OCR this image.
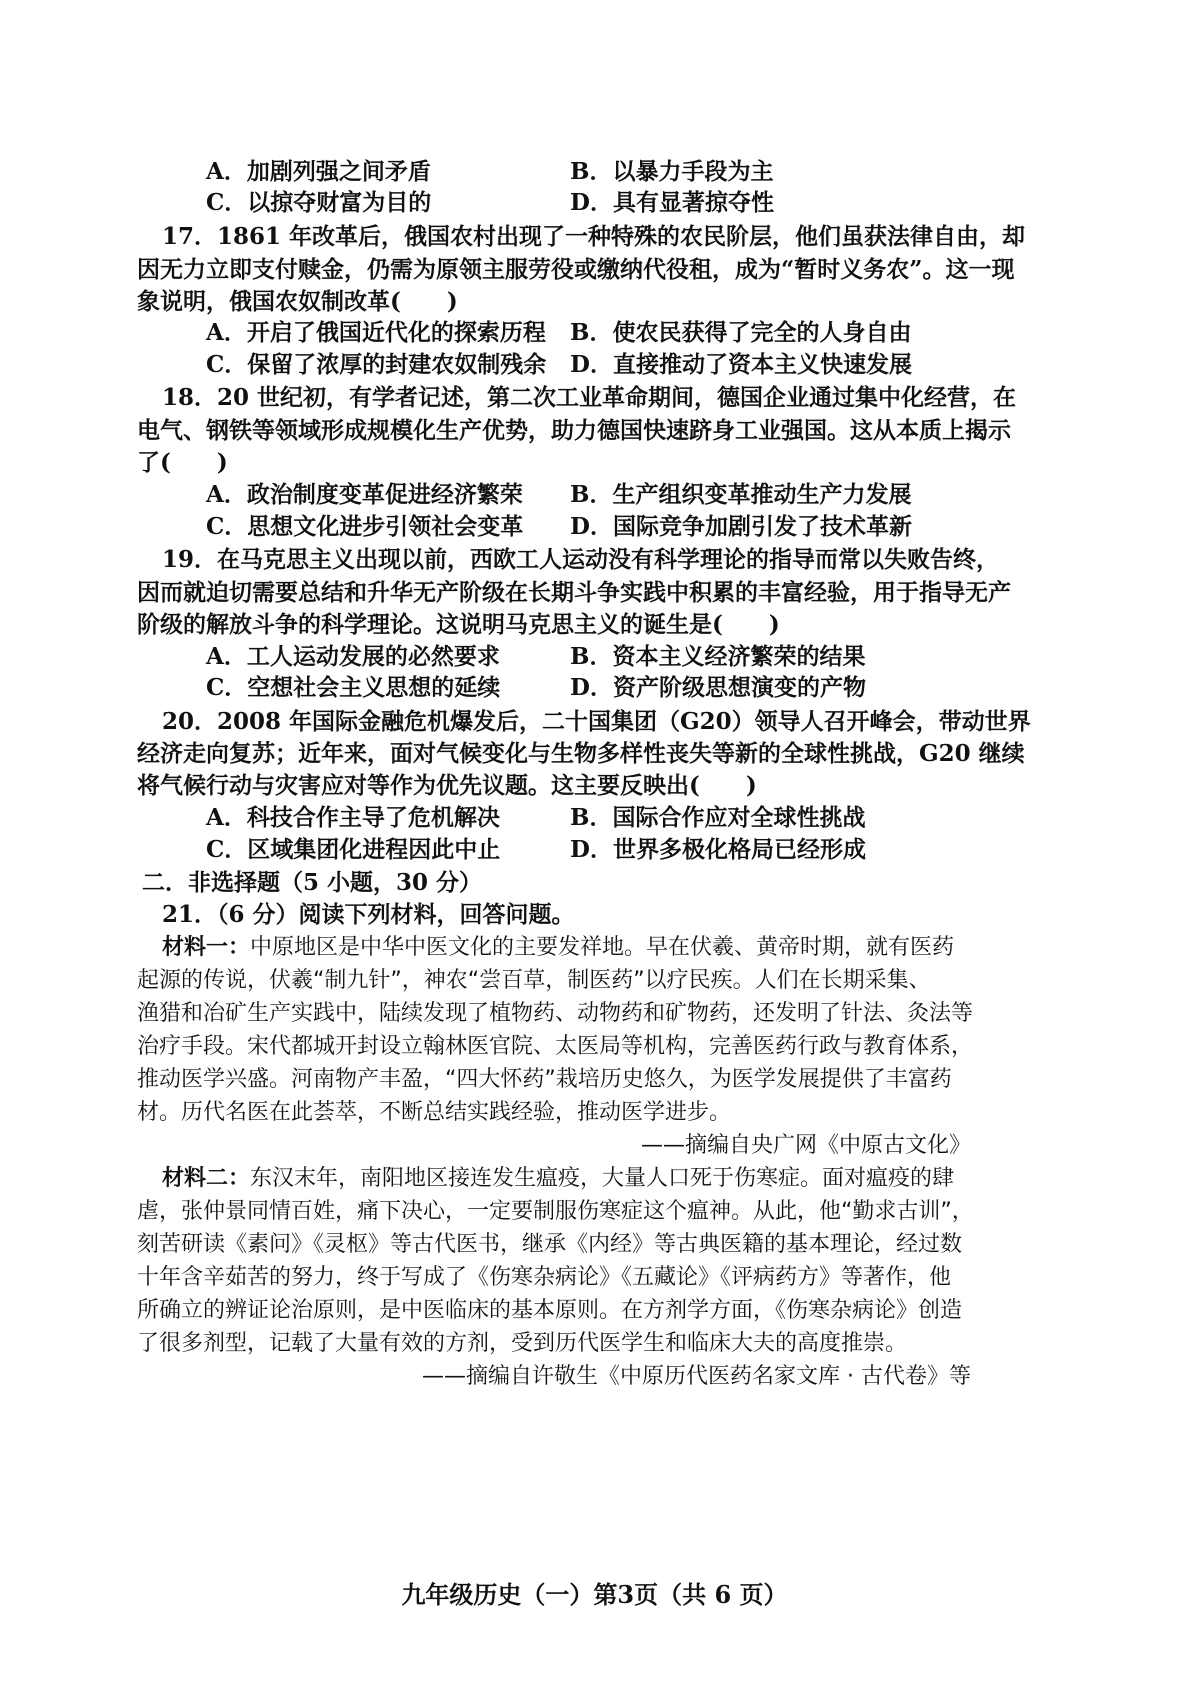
A．加剧列强之间矛盾	B．以暴力手段为主
C．以掠夺财富为目的	D．具有显著掠夺性
17．1861 年改革后，俄国农村出现了一种特殊的农民阶层，他们虽获法律自由，却
因无力立即支付赎金，仍需为原领主服劳役或缴纳代役租，成为“暂时义务农”。这一现
象说明，俄国农奴制改革(　　)
A．开启了俄国近代化的探索历程 B．使农民获得了完全的人身自由
C．保留了浓厚的封建农奴制残余 D．直接推动了资本主义快速发展
18．20 世纪初，有学者记述，第二次工业革命期间，德国企业通过集中化经营，在
电气、钢铁等领域形成规模化生产优势，助力德国快速跻身工业强国。这从本质上揭示
了(　　)
A．政治制度变革促进经济繁荣 B．生产组织变革推动生产力发展
C．思想文化进步引领社会变革 D．国际竞争加剧引发了技术革新
19．在马克思主义出现以前，西欧工人运动没有科学理论的指导而常以失败告终，
因而就迫切需要总结和升华无产阶级在长期斗争实践中积累的丰富经验，用于指导无产
阶级的解放斗争的科学理论。这说明马克思主义的诞生是(　　)
A．工人运动发展的必然要求	B．资本主义经济繁荣的结果
C．空想社会主义思想的延续	D．资产阶级思想演变的产物
20．2008 年国际金融危机爆发后，二十国集团（G20）领导人召开峰会，带动世界
经济走向复苏；近年来，面对气候变化与生物多样性丧失等新的全球性挑战，G20 继续
将气候行动与灾害应对等作为优先议题。这主要反映出(　　)
A．科技合作主导了危机解决	B．国际合作应对全球性挑战
C．区域集团化进程因此中止	D．世界多极化格局已经形成
二．非选择题（5 小题，30 分）
21．（6 分）阅读下列材料，回答问题。
材料一：中原地区是中华中医文化的主要发祥地。早在伏羲、黄帝时期，就有医药
起源的传说，伏羲“制九针”，神农“尝百草，制医药”以疗民疾。人们在长期采集、
渔猎和冶矿生产实践中，陆续发现了植物药、动物药和矿物药，还发明了针法、灸法等
治疗手段。宋代都城开封设立翰林医官院、太医局等机构，完善医药行政与教育体系，
推动医学兴盛。河南物产丰盈，“四大怀药”栽培历史悠久，为医学发展提供了丰富药
材。历代名医在此荟萃，不断总结实践经验，推动医学进步。
——摘编自央广网《中原古文化》
材料二：东汉末年，南阳地区接连发生瘟疫，大量人口死于伤寒症。面对瘟疫的肆
虐，张仲景同情百姓，痛下决心，一定要制服伤寒症这个瘟神。从此，他“勤求古训”，
刻苦研读《素问》《灵枢》等古代医书，继承《内经》等古典医籍的基本理论，经过数
十年含辛茹苦的努力，终于写成了《伤寒杂病论》《五藏论》《评病药方》等著作，他
所确立的辨证论治原则，是中医临床的基本原则。在方剂学方面，《伤寒杂病论》创造
了很多剂型，记载了大量有效的方剂，受到历代医学生和临床大夫的高度推崇。
——摘编自许敬生《中原历代医药名家文库 · 古代卷》等
九年级历史（一）第3页（共 6 页）
